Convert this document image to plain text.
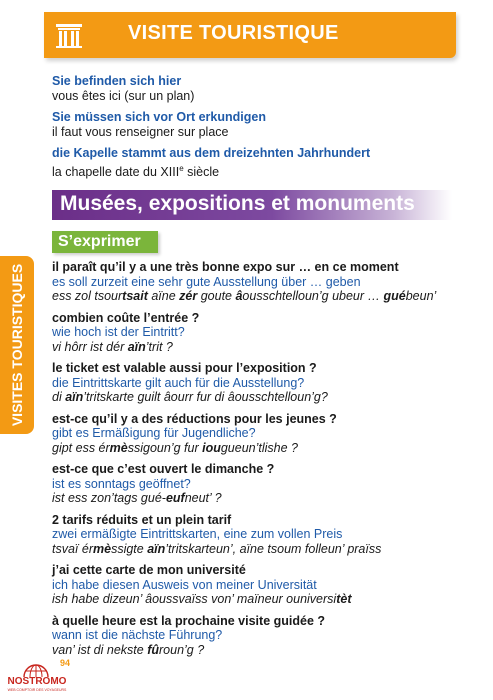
VISITE TOURISTIQUE
Sie befinden sich hier
vous êtes ici (sur un plan)
Sie müssen sich vor Ort erkundigen
il faut vous renseigner sur place
die Kapelle stammt aus dem dreizehnten Jahrhundert
la chapelle date du XIIIe siècle
Musées, expositions et monuments
S’exprimer
VISITES TOURISTIQUES il paraît qu’il y a une très bonne expo sur … en ce moment
es soll zurzeit eine sehr gute Ausstellung über … geben
ess zol tsourtsait aïne zér goute âousschtelloun’g ubeur … guébeun’
combien coûte l’entrée ?
wie hoch ist der Eintritt?
vi hôrr ist dér aïn’trit ?
le ticket est valable aussi pour l’exposition ?
die Eintrittskarte gilt auch für die Ausstellung?
di aïn’tritskarte guilt âourr fur di âousschtelloun’g?
est-ce qu’il y a des réductions pour les jeunes ?
gibt es Ermäßigung für Jugendliche?
gipt ess érmèssigoun’g fur iougueun’tlishe ?
est-ce que c’est ouvert le dimanche ?
ist es sonntags geöffnet?
ist ess zon’tags gué-eufneut’ ?
2 tarifs réduits et un plein tarif
zwei ermäßigte Eintrittskarten, eine zum vollen Preis
tsvaï érmèssigte aïn’tritskarteun’, aïne tsoum folleun’ praïss
j’ai cette carte de mon université
ich habe diesen Ausweis von meiner Universität
ish habe dizeun’ âoussvaïss von’ maïneur ouniversitèt
à quelle heure est la prochaine visite guidée ?
wann ist die nächste Führung?
van’ ist di nekste fûroun’g ?
NOSTROMO
WEB COMPTOIR DES VOYAGEURS
94
